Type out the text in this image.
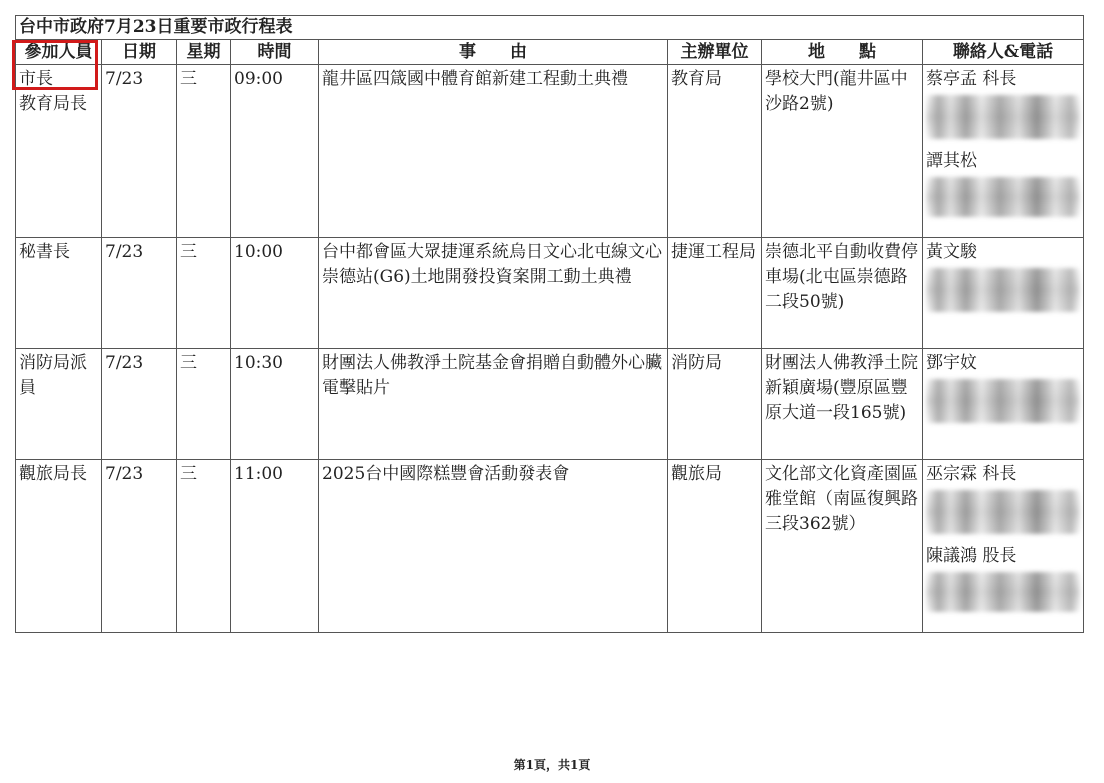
台中市政府7月23日重要市政行程表							
參加人員	日期	星期	時間	事　　由	主辦單位	地　　點	聯絡人&電話
市長
教育局長	7/23	三	09:00	龍井區四箴國中體育館新建工程動土典禮	教育局	學校大門(龍井區中沙路2號)	蔡亭孟 科長
譚其松

秘書長	7/23	三	10:00	台中都會區大眾捷運系統烏日文心北屯線文心崇德站(G6)土地開發投資案開工動土典禮	捷運工程局	崇德北平自動收費停車場(北屯區崇德路二段50號)	黃文駿

消防局派員	7/23	三	10:30	財團法人佛教淨土院基金會捐贈自動體外心臟電擊貼片	消防局	財團法人佛教淨土院新穎廣場(豐原區豐原大道一段165號)	鄧宇妏

觀旅局長	7/23	三	11:00	2025台中國際糕豐會活動發表會	觀旅局	文化部文化資產園區雅堂館（南區復興路三段362號）	巫宗霖 科長
陳議鴻 股長
第1頁，共1頁
